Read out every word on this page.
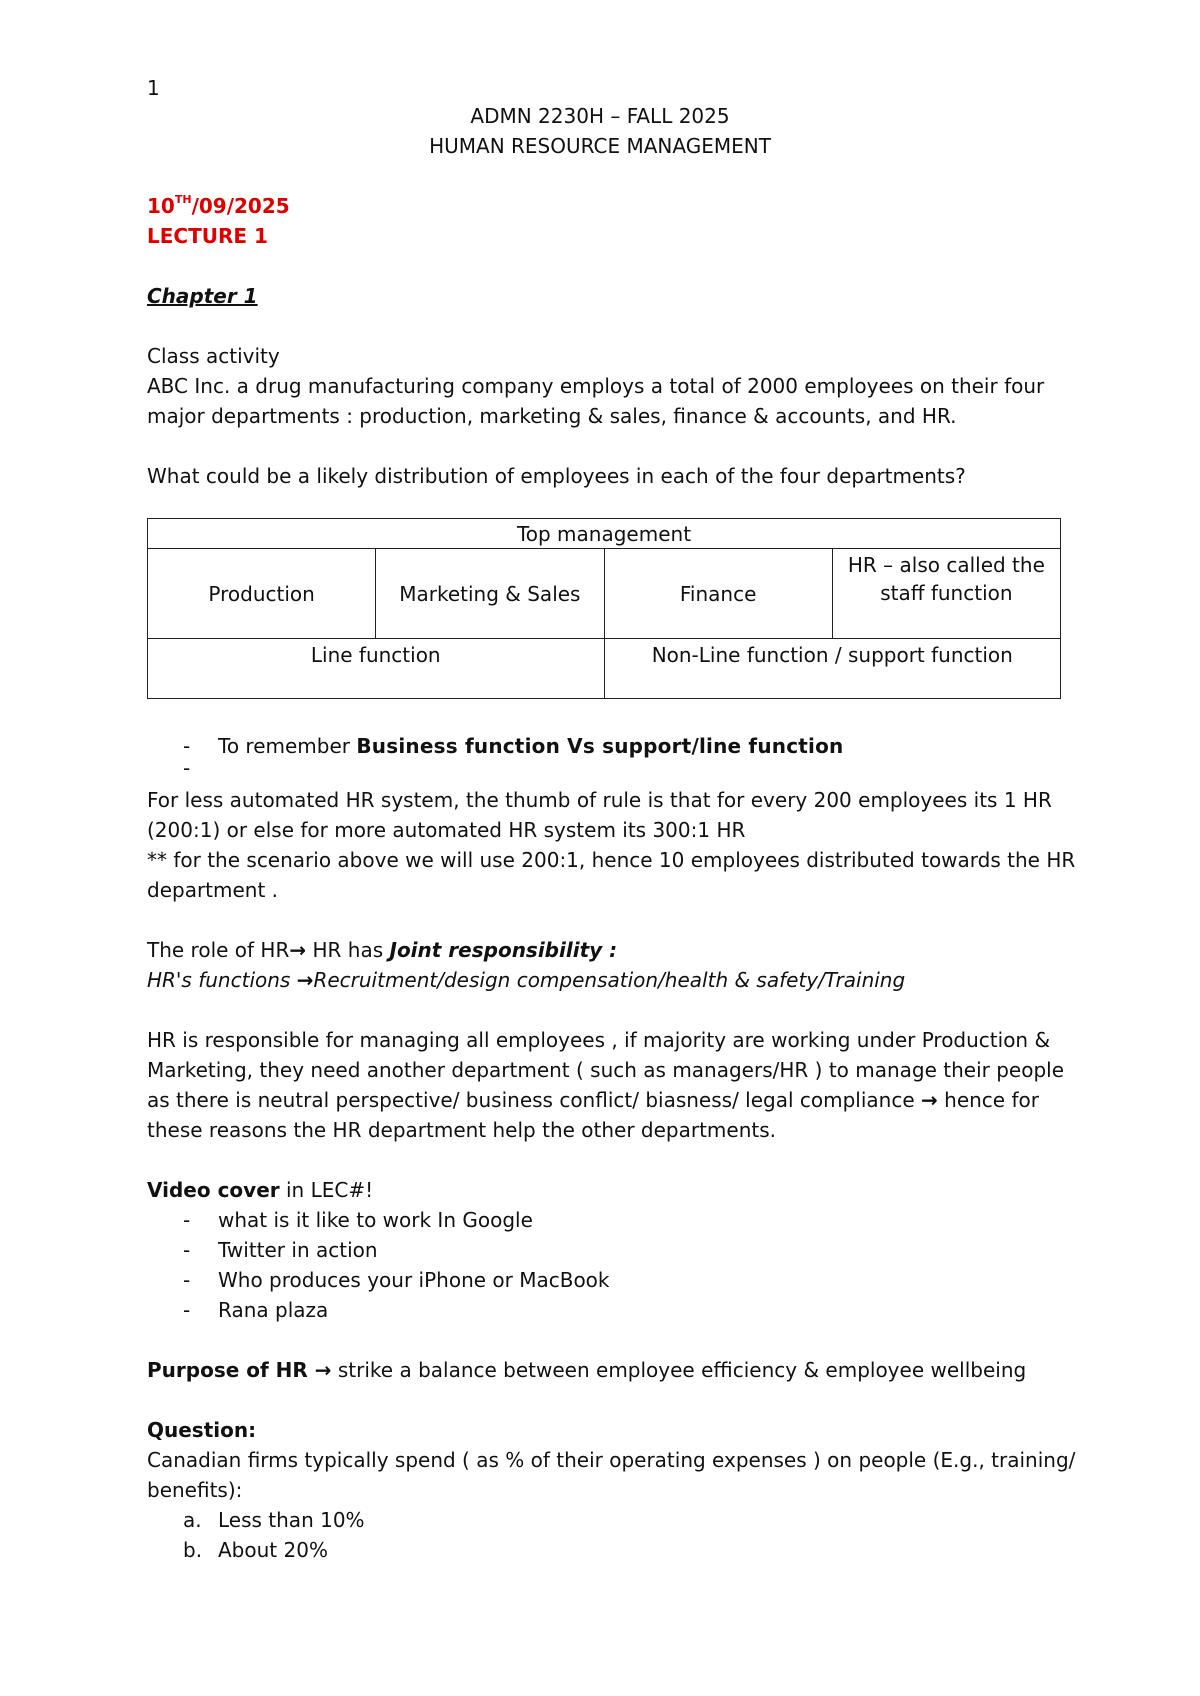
1
ADMN 2230H – FALL 2025
HUMAN RESOURCE MANAGEMENT
10TH/09/2025
LECTURE 1
Chapter 1
Class activity
ABC Inc. a drug manufacturing company employs a total of 2000 employees on their four
major departments : production, marketing & sales, finance & accounts, and HR.
What could be a likely distribution of employees in each of the four departments?
Top management			
Production	Marketing & Sales	Finance	HR – also called the
staff function

Line function		Non-Line function / support function	
- To remember Business function Vs support/line function
-
For less automated HR system, the thumb of rule is that for every 200 employees its 1 HR
(200:1) or else for more automated HR system its 300:1 HR
** for the scenario above we will use 200:1, hence 10 employees distributed towards the HR
department .
The role of HR→ HR has Joint responsibility :
HR's functions →Recruitment/design compensation/health & safety/Training
HR is responsible for managing all employees , if majority are working under Production &
Marketing, they need another department ( such as managers/HR ) to manage their people
as there is neutral perspective/ business conflict/ biasness/ legal compliance → hence for
these reasons the HR department help the other departments.
Video cover in LEC#!
- what is it like to work In Google
- Twitter in action
- Who produces your iPhone or MacBook
- Rana plaza
Purpose of HR → strike a balance between employee efficiency & employee wellbeing
Question:
Canadian firms typically spend ( as % of their operating expenses ) on people (E.g., training/
benefits):
a. Less than 10%
b. About 20%
